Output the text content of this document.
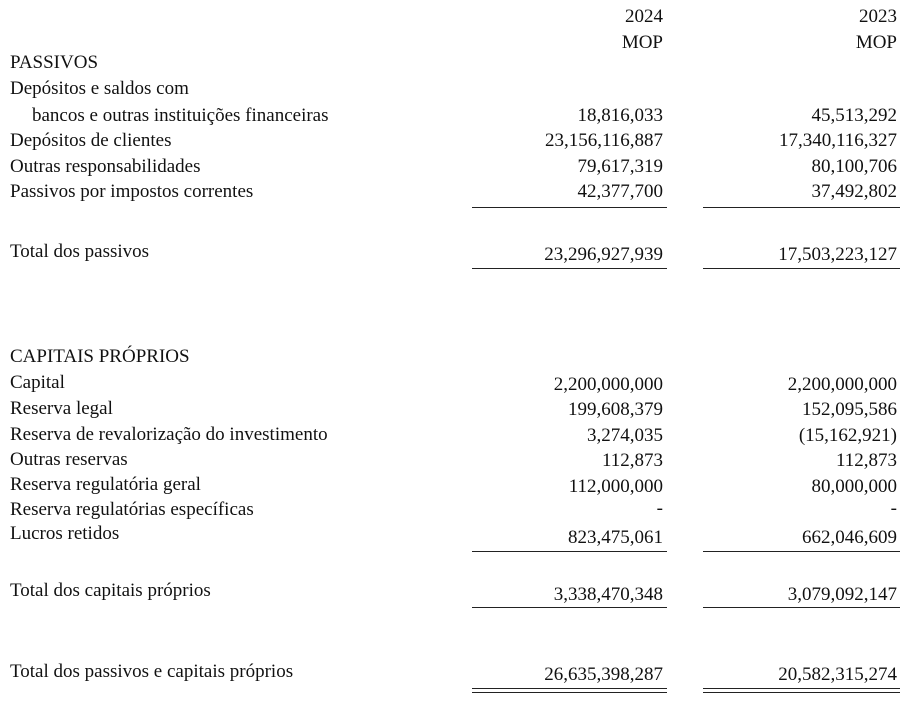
2024	2023
MOP	MOP
PASSIVOS
Depósitos e saldos com
bancos e outras instituições financeiras	18,816,033	45,513,292
Depósitos de clientes	23,156,116,887	17,340,116,327
Outras responsabilidades	79,617,319	80,100,706
Passivos por impostos correntes	42,377,700	37,492,802
Total dos passivos	23,296,927,939	17,503,223,127
CAPITAIS PRÓPRIOS
Capital	2,200,000,000	2,200,000,000
Reserva legal	199,608,379	152,095,586
Reserva de revalorização do investimento	3,274,035	(15,162,921)
Outras reservas	112,873	112,873
Reserva regulatória geral	112,000,000	80,000,000
Reserva regulatórias específicas	-	-
Lucros retidos	823,475,061	662,046,609
Total dos capitais próprios	3,338,470,348	3,079,092,147
Total dos passivos e capitais próprios	26,635,398,287	20,582,315,274
